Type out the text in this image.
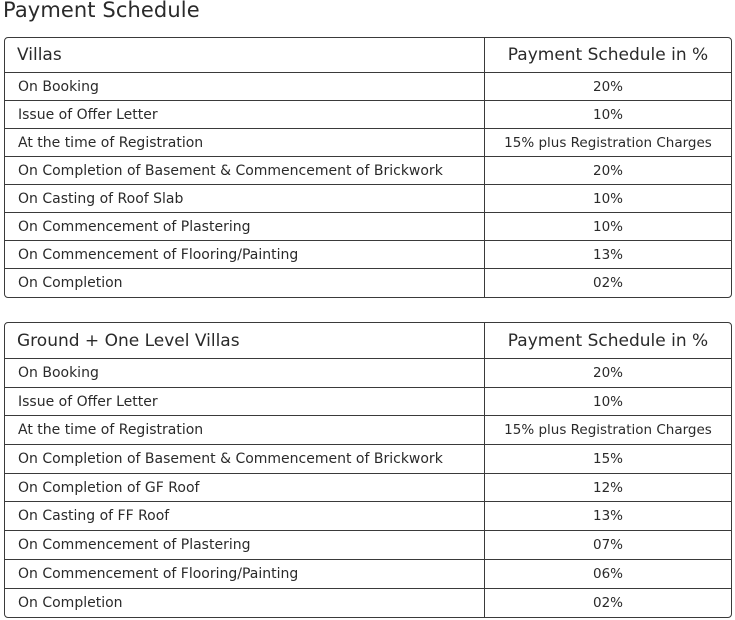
Payment Schedule
Villas	Payment Schedule in %
On Booking	20%
Issue of Offer Letter	10%
At the time of Registration	15% plus Registration Charges
On Completion of Basement & Commencement of Brickwork	20%
On Casting of Roof Slab	10%
On Commencement of Plastering	10%
On Commencement of Flooring/Painting	13%
On Completion	02%
Ground + One Level Villas	Payment Schedule in %
On Booking	20%
Issue of Offer Letter	10%
At the time of Registration	15% plus Registration Charges
On Completion of Basement & Commencement of Brickwork	15%
On Completion of GF Roof	12%
On Casting of FF Roof	13%
On Commencement of Plastering	07%
On Commencement of Flooring/Painting	06%
On Completion	02%
